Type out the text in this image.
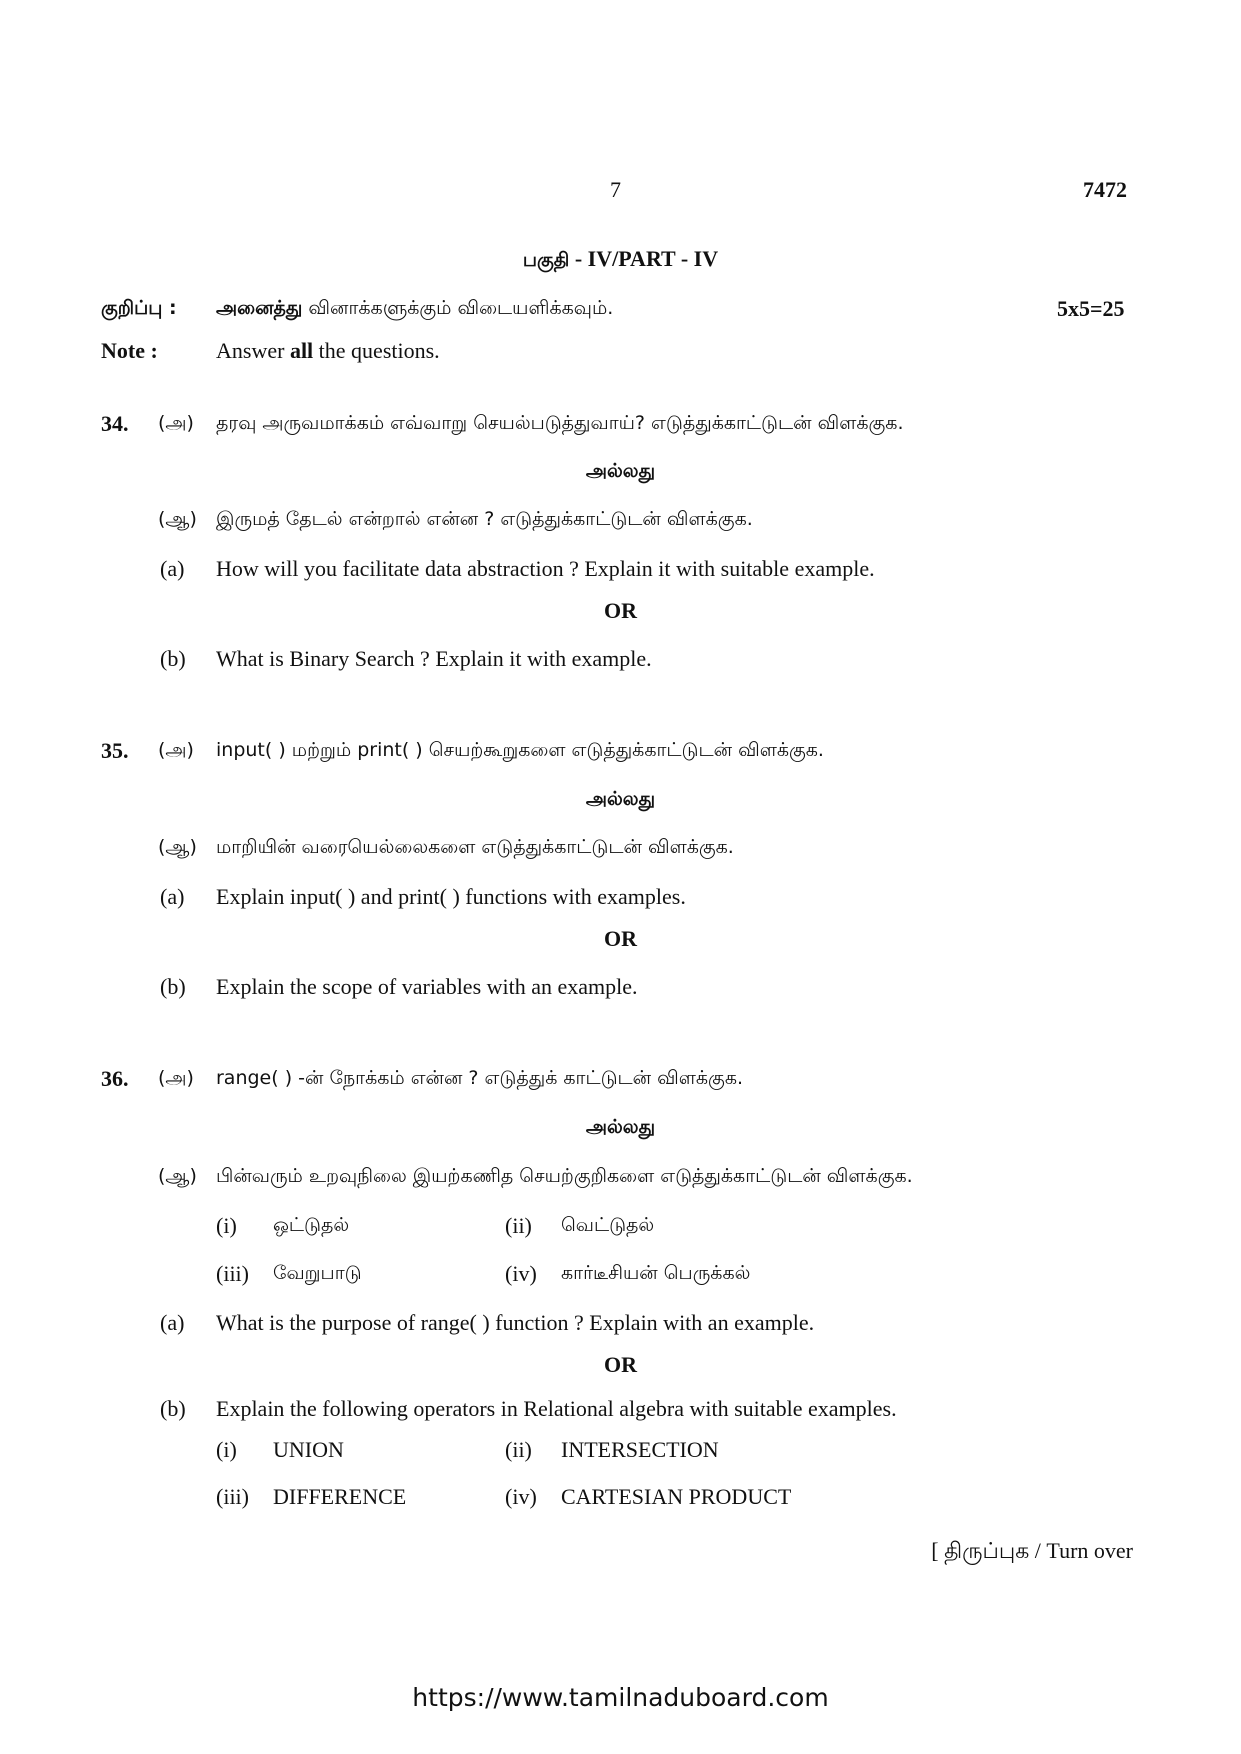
7	7472
பகுதி - IV/PART - IV
குறிப்பு : அனைத்து வினாக்களுக்கும் விடையளிக்கவும்.	5x5=25
Note :	Answer all the questions.
34. (அ) தரவு அருவமாக்கம் எவ்வாறு செயல்படுத்துவாய்? எடுத்துக்காட்டுடன் விளக்குக.
அல்லது
(ஆ) இருமத் தேடல் என்றால் என்ன ? எடுத்துக்காட்டுடன் விளக்குக.
(a) How will you facilitate data abstraction ? Explain it with suitable example.
OR
(b) What is Binary Search ? Explain it with example.
35. (அ) input( ) மற்றும் print( ) செயற்கூறுகளை எடுத்துக்காட்டுடன் விளக்குக.
அல்லது
(ஆ) மாறியின் வரையெல்லைகளை எடுத்துக்காட்டுடன் விளக்குக.
(a) Explain input( ) and print( ) functions with examples.
OR
(b) Explain the scope of variables with an example.
36. (அ) range( ) -ன் நோக்கம் என்ன ? எடுத்துக் காட்டுடன் விளக்குக.
அல்லது
(ஆ) பின்வரும் உறவுநிலை இயற்கணித செயற்குறிகளை எடுத்துக்காட்டுடன் விளக்குக.
(i) ஒட்டுதல்	(ii) வெட்டுதல்
(iii) வேறுபாடு	(iv) கார்டீசியன் பெருக்கல்
(a) What is the purpose of range( ) function ? Explain with an example.
OR
(b) Explain the following operators in Relational algebra with suitable examples.
(i) UNION	(ii) INTERSECTION
(iii) DIFFERENCE	(iv) CARTESIAN PRODUCT
[ திருப்புக / Turn over
https://www.tamilnaduboard.com
